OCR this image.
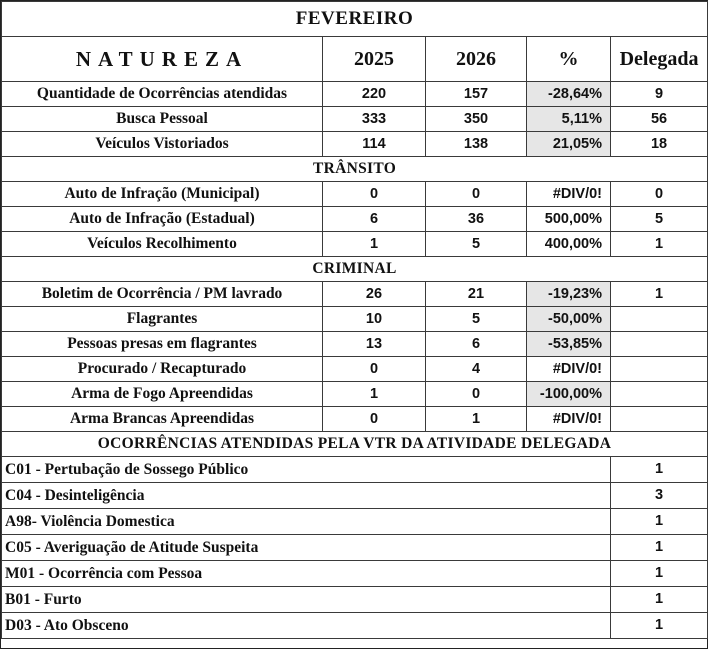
FEVEREIRO				
NATUREZA	2025	2026	%	Delegada
Quantidade de Ocorrências atendidas	220	157	-28,64%	9
Busca Pessoal	333	350	5,11%	56
Veículos Vistoriados	114	138	21,05%	18
TRÂNSITO				
Auto de Infração (Municipal)	0	0	#DIV/0!	0
Auto de Infração (Estadual)	6	36	500,00%	5
Veículos Recolhimento	1	5	400,00%	1
CRIMINAL				
Boletim de Ocorrência / PM lavrado	26	21	-19,23%	1
Flagrantes	10	5	-50,00%	
Pessoas presas em flagrantes	13	6	-53,85%	
Procurado / Recapturado	0	4	#DIV/0!	
Arma de Fogo Apreendidas	1	0	-100,00%	
Arma Brancas Apreendidas	0	1	#DIV/0!	
OCORRÊNCIAS ATENDIDAS PELA VTR DA ATIVIDADE DELEGADA				
C01 - Pertubação de Sossego Público				1
C04 - Desinteligência				3
A98- Violência Domestica				1
C05 - Averiguação de Atitude Suspeita				1
M01 - Ocorrência com Pessoa				1
B01 - Furto				1
D03 - Ato Obsceno				1
